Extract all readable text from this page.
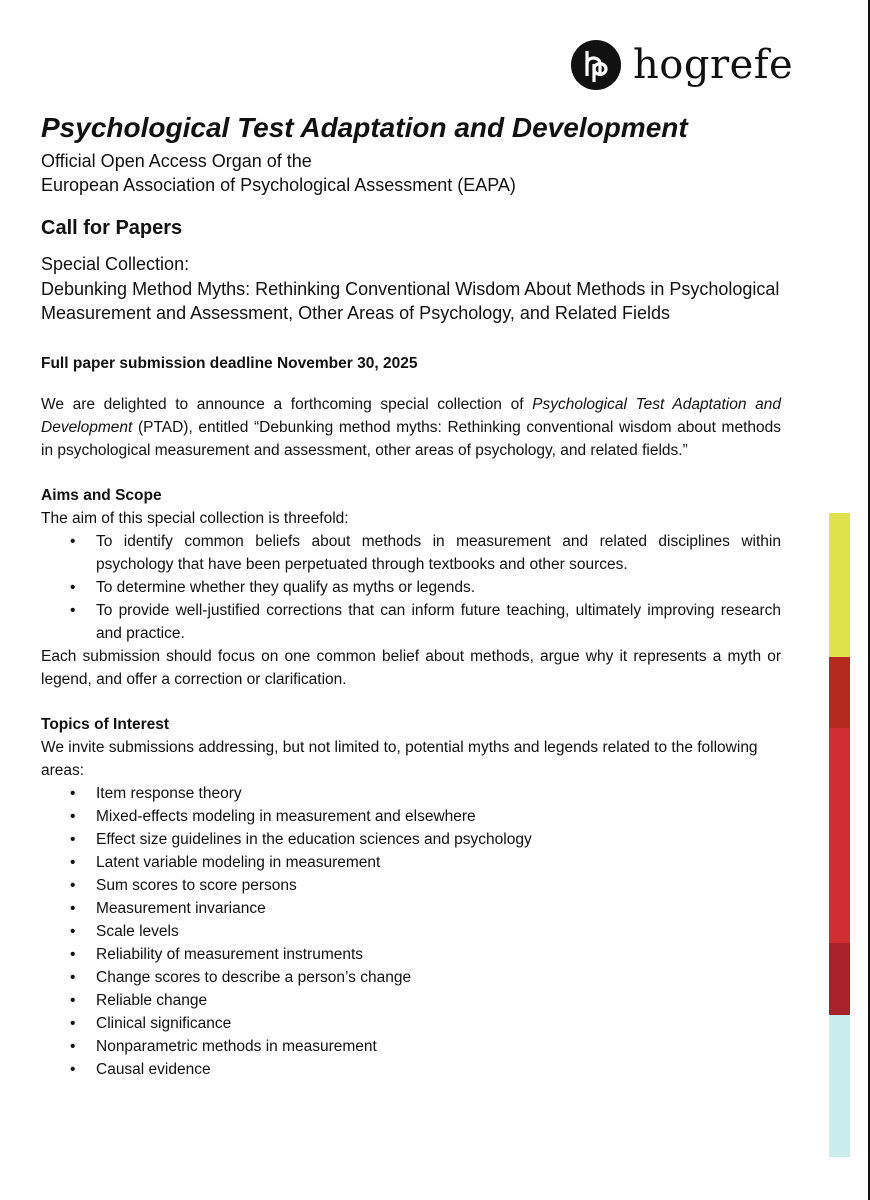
hogrefe
Psychological Test Adaptation and Development
Official Open Access Organ of the
European Association of Psychological Assessment (EAPA)
Call for Papers
Special Collection:
Debunking Method Myths: Rethinking Conventional Wisdom About Methods in Psychological Measurement and Assessment, Other Areas of Psychology, and Related Fields
Full paper submission deadline November 30, 2025

We are delighted to announce a forthcoming special collection of Psychological Test Adaptation and Development (PTAD), entitled “Debunking method myths: Rethinking conventional wisdom about methods in psychological measurement and assessment, other areas of psychology, and related fields.”

Aims and Scope
The aim of this special collection is threefold:
• To identify common beliefs about methods in measurement and related disciplines within psychology that have been perpetuated through textbooks and other sources.
• To determine whether they qualify as myths or legends.
• To provide well-justified corrections that can inform future teaching, ultimately improving research and practice.
Each submission should focus on one common belief about methods, argue why it represents a myth or legend, and offer a correction or clarification.
Topics of Interest
We invite submissions addressing, but not limited to, potential myths and legends related to the following areas:
• Item response theory
• Mixed-effects modeling in measurement and elsewhere
• Effect size guidelines in the education sciences and psychology
• Latent variable modeling in measurement
• Sum scores to score persons
• Measurement invariance
• Scale levels
• Reliability of measurement instruments
• Change scores to describe a person’s change
• Reliable change
• Clinical significance
• Nonparametric methods in measurement
• Causal evidence
